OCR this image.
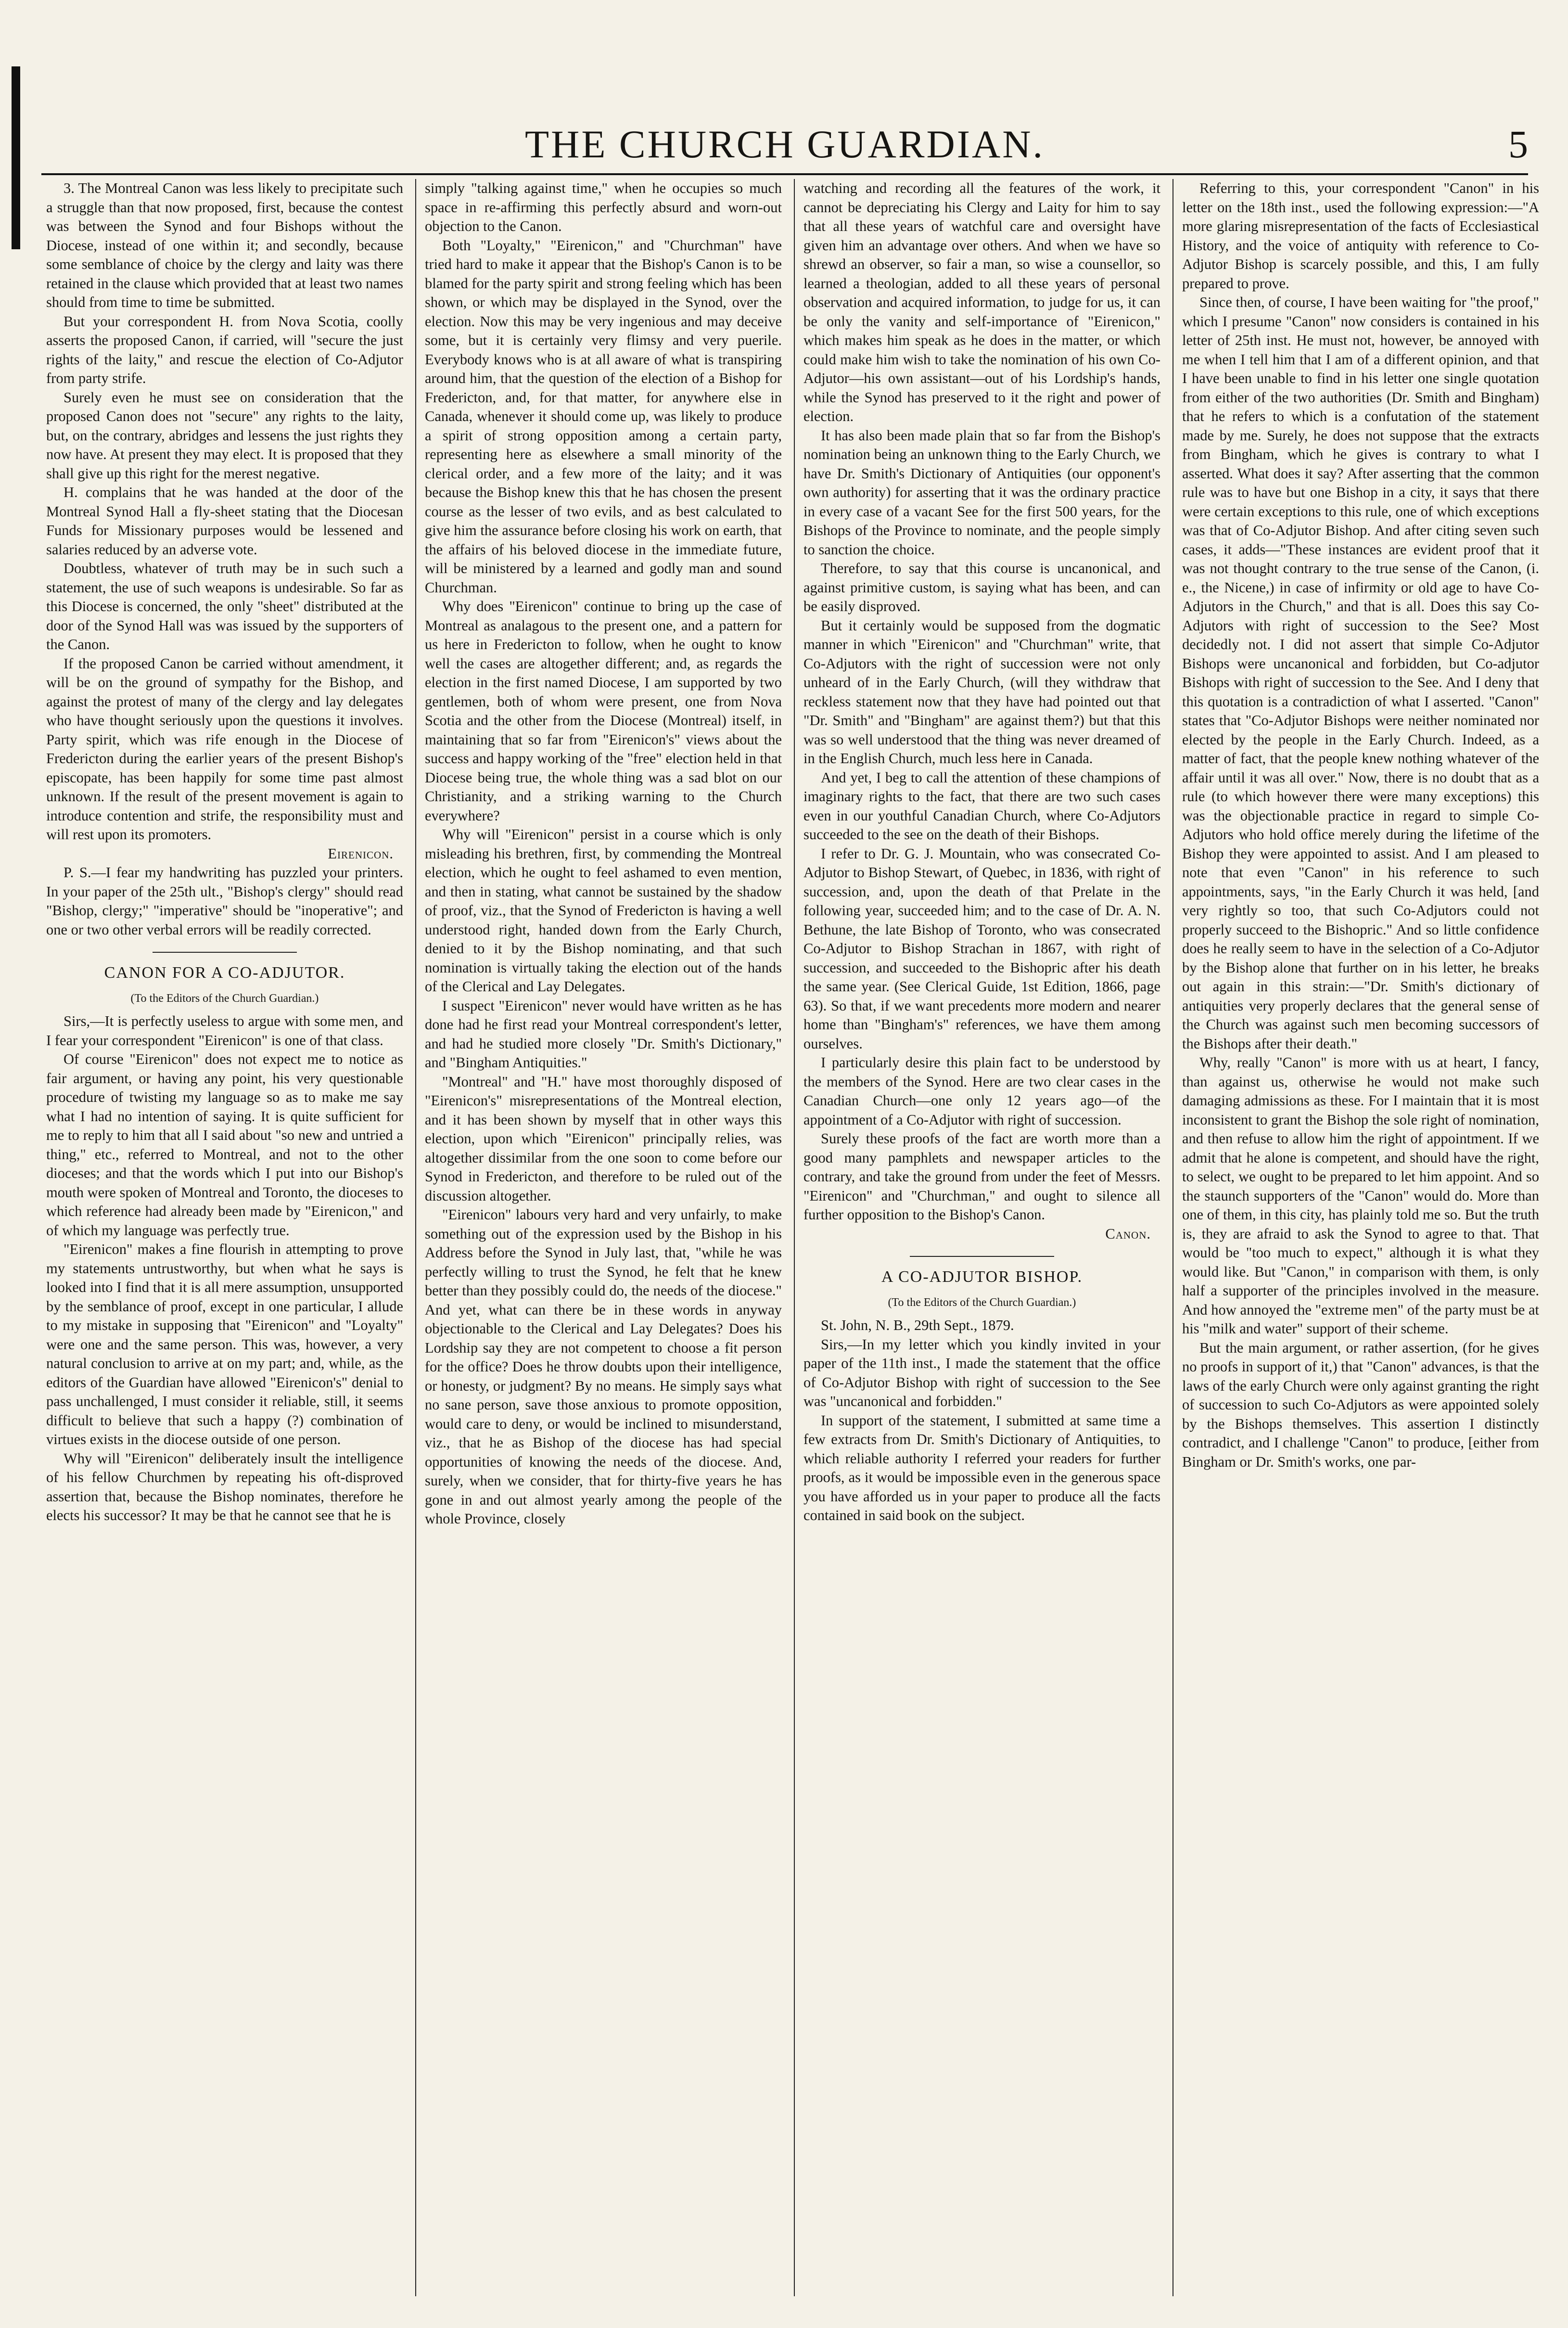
THE CHURCH GUARDIAN.	5

3. The Montreal Canon was less likely to precipitate such a struggle than that now proposed, first, because the contest was between the Synod and four Bishops without the Diocese, instead of one within it; and secondly, because some semblance of choice by the clergy and laity was there retained in the clause which provided that at least two names should from time to time be submitted.

But your correspondent H. from Nova Scotia, coolly asserts the proposed Canon, if carried, will "secure the just rights of the laity," and rescue the election of Co-Adjutor from party strife.

Surely even he must see on consideration that the proposed Canon does not "secure" any rights to the laity, but, on the contrary, abridges and lessens the just rights they now have. At present they may elect. It is proposed that they shall give up this right for the merest negative.

H. complains that he was handed at the door of the Montreal Synod Hall a fly-sheet stating that the Diocesan Funds for Missionary purposes would be lessened and salaries reduced by an adverse vote.

Doubtless, whatever of truth may be in such such a statement, the use of such weapons is undesirable. So far as this Diocese is concerned, the only "sheet" distributed at the door of the Synod Hall was was issued by the supporters of the Canon.

If the proposed Canon be carried without amendment, it will be on the ground of sympathy for the Bishop, and against the protest of many of the clergy and lay delegates who have thought seriously upon the questions it involves. Party spirit, which was rife enough in the Diocese of Fredericton during the earlier years of the present Bishop's episcopate, has been happily for some time past almost unknown. If the result of the present movement is again to introduce contention and strife, the responsibility must and will rest upon its promoters.

Eirenicon.

P. S.—I fear my handwriting has puzzled your printers. In your paper of the 25th ult., "Bishop's clergy" should read "Bishop, clergy;" "imperative" should be "inoperative"; and one or two other verbal errors will be readily corrected.

CANON FOR A CO-ADJUTOR.

(To the Editors of the Church Guardian.)

Sirs,—It is perfectly useless to argue with some men, and I fear your correspondent "Eirenicon" is one of that class.

Of course "Eirenicon" does not expect me to notice as fair argument, or having any point, his very questionable procedure of twisting my language so as to make me say what I had no intention of saying. It is quite sufficient for me to reply to him that all I said about "so new and untried a thing," etc., referred to Montreal, and not to the other dioceses; and that the words which I put into our Bishop's mouth were spoken of Montreal and Toronto, the dioceses to which reference had already been made by "Eirenicon," and of which my language was perfectly true.

"Eirenicon" makes a fine flourish in attempting to prove my statements untrustworthy, but when what he says is looked into I find that it is all mere assumption, unsupported by the semblance of proof, except in one particular, I allude to my mistake in supposing that "Eirenicon" and "Loyalty" were one and the same person. This was, however, a very natural conclusion to arrive at on my part; and, while, as the editors of the Guardian have allowed "Eirenicon's" denial to pass unchallenged, I must consider it reliable, still, it seems difficult to believe that such a happy (?) combination of virtues exists in the diocese outside of one person.

Why will "Eirenicon" deliberately insult the intelligence of his fellow Churchmen by repeating his oft-disproved assertion that, because the Bishop nominates, therefore he elects his successor? It may be that he cannot see that he is

simply "talking against time," when he occupies so much space in re-affirming this perfectly absurd and worn-out objection to the Canon.

Both "Loyalty," "Eirenicon," and "Churchman" have tried hard to make it appear that the Bishop's Canon is to be blamed for the party spirit and strong feeling which has been shown, or which may be displayed in the Synod, over the election. Now this may be very ingenious and may deceive some, but it is certainly very flimsy and very puerile. Everybody knows who is at all aware of what is transpiring around him, that the question of the election of a Bishop for Fredericton, and, for that matter, for anywhere else in Canada, whenever it should come up, was likely to produce a spirit of strong opposition among a certain party, representing here as elsewhere a small minority of the clerical order, and a few more of the laity; and it was because the Bishop knew this that he has chosen the present course as the lesser of two evils, and as best calculated to give him the assurance before closing his work on earth, that the affairs of his beloved diocese in the immediate future, will be ministered by a learned and godly man and sound Churchman.

Why does "Eirenicon" continue to bring up the case of Montreal as analagous to the present one, and a pattern for us here in Fredericton to follow, when he ought to know well the cases are altogether different; and, as regards the election in the first named Diocese, I am supported by two gentlemen, both of whom were present, one from Nova Scotia and the other from the Diocese (Montreal) itself, in maintaining that so far from "Eirenicon's" views about the success and happy working of the "free" election held in that Diocese being true, the whole thing was a sad blot on our Christianity, and a striking warning to the Church everywhere?

Why will "Eirenicon" persist in a course which is only misleading his brethren, first, by commending the Montreal election, which he ought to feel ashamed to even mention, and then in stating, what cannot be sustained by the shadow of proof, viz., that the Synod of Fredericton is having a well understood right, handed down from the Early Church, denied to it by the Bishop nominating, and that such nomination is virtually taking the election out of the hands of the Clerical and Lay Delegates.

I suspect "Eirenicon" never would have written as he has done had he first read your Montreal correspondent's letter, and had he studied more closely "Dr. Smith's Dictionary," and "Bingham Antiquities."

"Montreal" and "H." have most thoroughly disposed of "Eirenicon's" misrepresentations of the Montreal election, and it has been shown by myself that in other ways this election, upon which "Eirenicon" principally relies, was altogether dissimilar from the one soon to come before our Synod in Fredericton, and therefore to be ruled out of the discussion altogether.

"Eirenicon" labours very hard and very unfairly, to make something out of the expression used by the Bishop in his Address before the Synod in July last, that, "while he was perfectly willing to trust the Synod, he felt that he knew better than they possibly could do, the needs of the diocese." And yet, what can there be in these words in anyway objectionable to the Clerical and Lay Delegates? Does his Lordship say they are not competent to choose a fit person for the office? Does he throw doubts upon their intelligence, or honesty, or judgment? By no means. He simply says what no sane person, save those anxious to promote opposition, would care to deny, or would be inclined to misunderstand, viz., that he as Bishop of the diocese has had special opportunities of knowing the needs of the diocese. And, surely, when we consider, that for thirty-five years he has gone in and out almost yearly among the people of the whole Province, closely

watching and recording all the features of the work, it cannot be depreciating his Clergy and Laity for him to say that all these years of watchful care and oversight have given him an advantage over others. And when we have so shrewd an observer, so fair a man, so wise a counsellor, so learned a theologian, added to all these years of personal observation and acquired information, to judge for us, it can be only the vanity and self-importance of "Eirenicon," which makes him speak as he does in the matter, or which could make him wish to take the nomination of his own Co-Adjutor—his own assistant—out of his Lordship's hands, while the Synod has preserved to it the right and power of election.

It has also been made plain that so far from the Bishop's nomination being an unknown thing to the Early Church, we have Dr. Smith's Dictionary of Antiquities (our opponent's own authority) for asserting that it was the ordinary practice in every case of a vacant See for the first 500 years, for the Bishops of the Province to nominate, and the people simply to sanction the choice.

Therefore, to say that this course is uncanonical, and against primitive custom, is saying what has been, and can be easily disproved.

But it certainly would be supposed from the dogmatic manner in which "Eirenicon" and "Churchman" write, that Co-Adjutors with the right of succession were not only unheard of in the Early Church, (will they withdraw that reckless statement now that they have had pointed out that "Dr. Smith" and "Bingham" are against them?) but that this was so well understood that the thing was never dreamed of in the English Church, much less here in Canada.

And yet, I beg to call the attention of these champions of imaginary rights to the fact, that there are two such cases even in our youthful Canadian Church, where Co-Adjutors succeeded to the see on the death of their Bishops.

I refer to Dr. G. J. Mountain, who was consecrated Co-Adjutor to Bishop Stewart, of Quebec, in 1836, with right of succession, and, upon the death of that Prelate in the following year, succeeded him; and to the case of Dr. A. N. Bethune, the late Bishop of Toronto, who was consecrated Co-Adjutor to Bishop Strachan in 1867, with right of succession, and succeeded to the Bishopric after his death the same year. (See Clerical Guide, 1st Edition, 1866, page 63). So that, if we want precedents more modern and nearer home than "Bingham's" references, we have them among ourselves.

I particularly desire this plain fact to be understood by the members of the Synod. Here are two clear cases in the Canadian Church—one only 12 years ago—of the appointment of a Co-Adjutor with right of succession.

Surely these proofs of the fact are worth more than a good many pamphlets and newspaper articles to the contrary, and take the ground from under the feet of Messrs. "Eirenicon" and "Churchman," and ought to silence all further opposition to the Bishop's Canon.

Canon.

A CO-ADJUTOR BISHOP.

(To the Editors of the Church Guardian.)

St. John, N. B., 29th Sept., 1879.

Sirs,—In my letter which you kindly invited in your paper of the 11th inst., I made the statement that the office of Co-Adjutor Bishop with right of succession to the See was "uncanonical and forbidden."

In support of the statement, I submitted at same time a few extracts from Dr. Smith's Dictionary of Antiquities, to which reliable authority I referred your readers for further proofs, as it would be impossible even in the generous space you have afforded us in your paper to produce all the facts contained in said book on the subject.

Referring to this, your correspondent "Canon" in his letter on the 18th inst., used the following expression:—"A more glaring misrepresentation of the facts of Ecclesiastical History, and the voice of antiquity with reference to Co-Adjutor Bishop is scarcely possible, and this, I am fully prepared to prove.

Since then, of course, I have been waiting for "the proof," which I presume "Canon" now considers is contained in his letter of 25th inst. He must not, however, be annoyed with me when I tell him that I am of a different opinion, and that I have been unable to find in his letter one single quotation from either of the two authorities (Dr. Smith and Bingham) that he refers to which is a confutation of the statement made by me. Surely, he does not suppose that the extracts from Bingham, which he gives is contrary to what I asserted. What does it say? After asserting that the common rule was to have but one Bishop in a city, it says that there were certain exceptions to this rule, one of which exceptions was that of Co-Adjutor Bishop. And after citing seven such cases, it adds—"These instances are evident proof that it was not thought contrary to the true sense of the Canon, (i. e., the Nicene,) in case of infirmity or old age to have Co-Adjutors in the Church," and that is all. Does this say Co-Adjutors with right of succession to the See? Most decidedly not. I did not assert that simple Co-Adjutor Bishops were uncanonical and forbidden, but Co-adjutor Bishops with right of succession to the See. And I deny that this quotation is a contradiction of what I asserted. "Canon" states that "Co-Adjutor Bishops were neither nominated nor elected by the people in the Early Church. Indeed, as a matter of fact, that the people knew nothing whatever of the affair until it was all over." Now, there is no doubt that as a rule (to which however there were many exceptions) this was the objectionable practice in regard to simple Co-Adjutors who hold office merely during the lifetime of the Bishop they were appointed to assist. And I am pleased to note that even "Canon" in his reference to such appointments, says, "in the Early Church it was held, [and very rightly so too, that such Co-Adjutors could not properly succeed to the Bishopric." And so little confidence does he really seem to have in the selection of a Co-Adjutor by the Bishop alone that further on in his letter, he breaks out again in this strain:—"Dr. Smith's dictionary of antiquities very properly declares that the general sense of the Church was against such men becoming successors of the Bishops after their death."

Why, really "Canon" is more with us at heart, I fancy, than against us, otherwise he would not make such damaging admissions as these. For I maintain that it is most inconsistent to grant the Bishop the sole right of nomination, and then refuse to allow him the right of appointment. If we admit that he alone is competent, and should have the right, to select, we ought to be prepared to let him appoint. And so the staunch supporters of the "Canon" would do. More than one of them, in this city, has plainly told me so. But the truth is, they are afraid to ask the Synod to agree to that. That would be "too much to expect," although it is what they would like. But "Canon," in comparison with them, is only half a supporter of the principles involved in the measure. And how annoyed the "extreme men" of the party must be at his "milk and water" support of their scheme.

But the main argument, or rather assertion, (for he gives no proofs in support of it,) that "Canon" advances, is that the laws of the early Church were only against granting the right of succession to such Co-Adjutors as were appointed solely by the Bishops themselves. This assertion I distinctly contradict, and I challenge "Canon" to produce, [either from Bingham or Dr. Smith's works, one par-
